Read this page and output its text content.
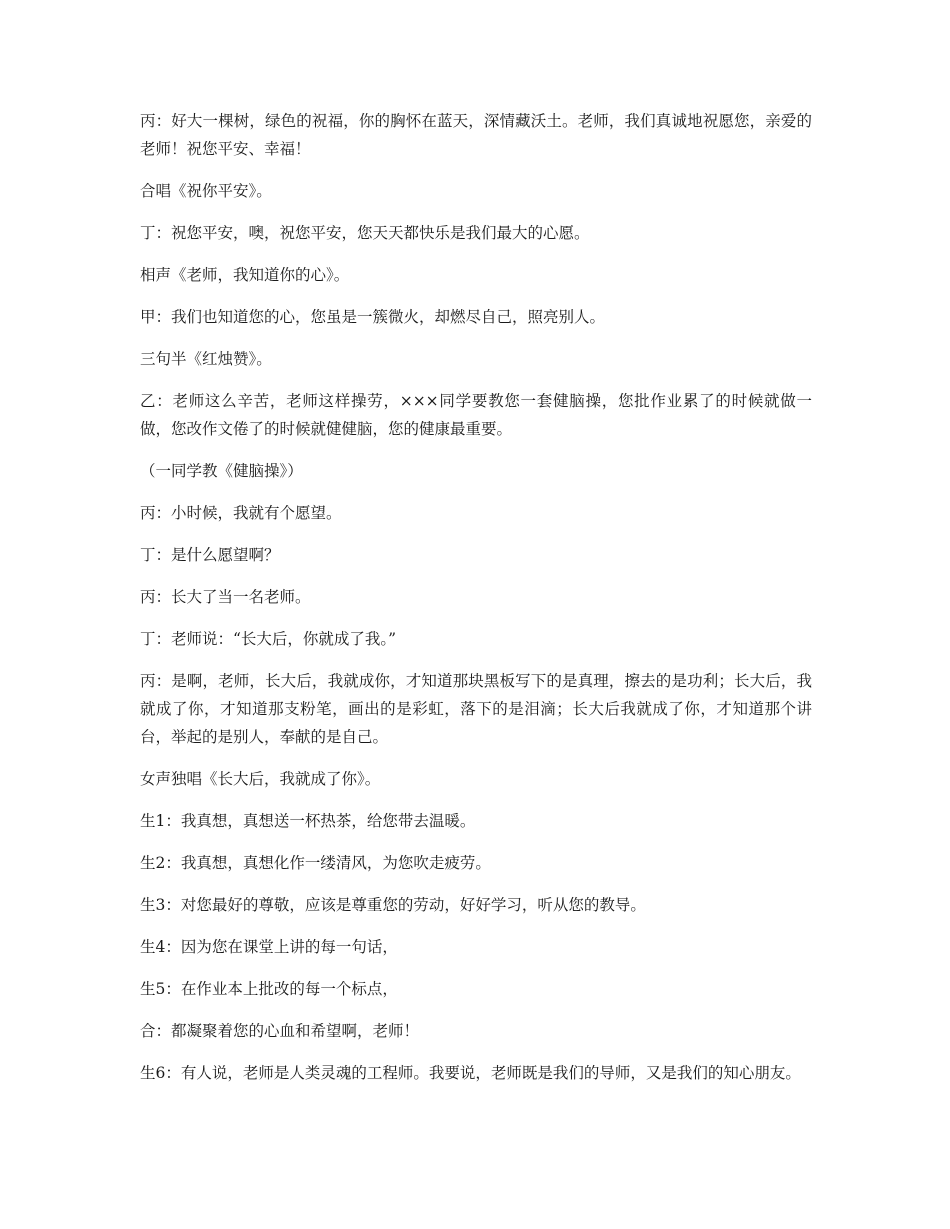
丙：好大一棵树，绿色的祝福，你的胸怀在蓝天，深情藏沃土。老师，我们真诚地祝愿您，亲爱的老师！祝您平安、幸福！

合唱《祝你平安》。

丁：祝您平安，噢，祝您平安，您天天都快乐是我们最大的心愿。

相声《老师，我知道你的心》。

甲：我们也知道您的心，您虽是一簇微火，却燃尽自己，照亮别人。

三句半《红烛赞》。

乙：老师这么辛苦，老师这样操劳，×××同学要教您一套健脑操，您批作业累了的时候就做一做，您改作文倦了的时候就健健脑，您的健康最重要。

（一同学教《健脑操》）

丙：小时候，我就有个愿望。

丁：是什么愿望啊？

丙：长大了当一名老师。

丁：老师说：“长大后，你就成了我。”

丙：是啊，老师，长大后，我就成你，才知道那块黑板写下的是真理，擦去的是功利；长大后，我就成了你，才知道那支粉笔，画出的是彩虹，落下的是泪滴；长大后我就成了你，才知道那个讲台，举起的是别人，奉献的是自己。

女声独唱《长大后，我就成了你》。

生1：我真想，真想送一杯热茶，给您带去温暖。

生2：我真想，真想化作一缕清风，为您吹走疲劳。

生3：对您最好的尊敬，应该是尊重您的劳动，好好学习，听从您的教导。

生4：因为您在课堂上讲的每一句话，

生5：在作业本上批改的每一个标点，

合：都凝聚着您的心血和希望啊，老师！

生6：有人说，老师是人类灵魂的工程师。我要说，老师既是我们的导师，又是我们的知心朋友。
